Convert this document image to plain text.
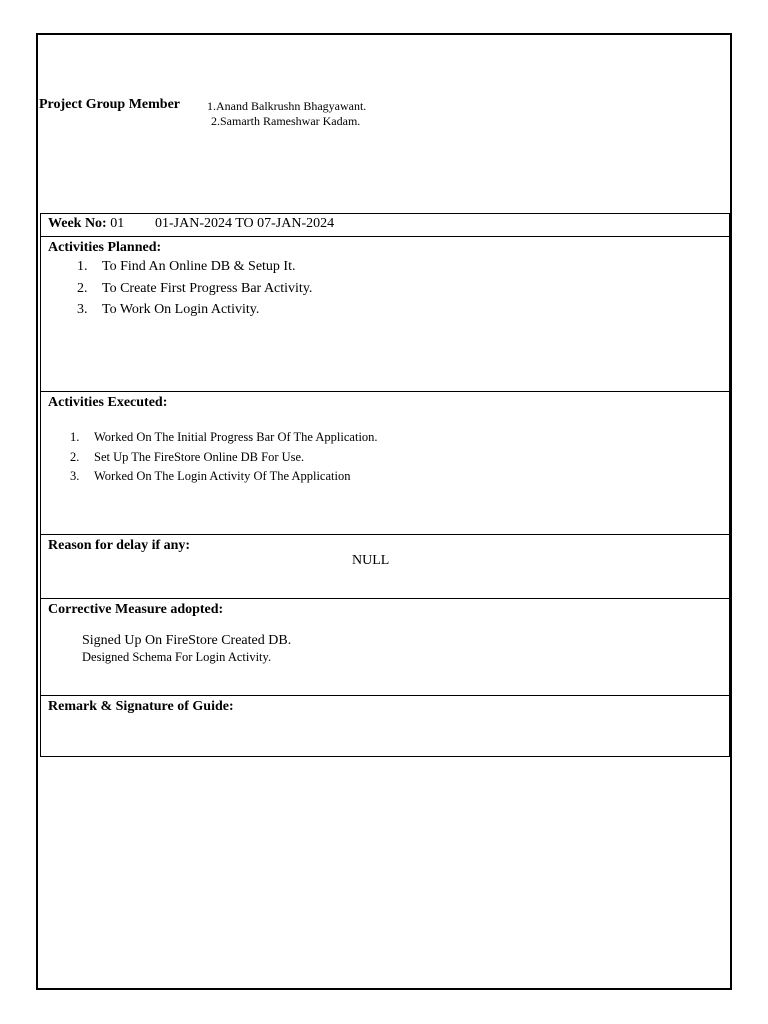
Project Group Member 1.Anand Balkrushn Bhagyawant.
2.Samarth Rameshwar Kadam.
Week No: 01 01-JAN-2024 TO 07-JAN-2024
Activities Planned:
1. To Find An Online DB & Setup It.
2. To Create First Progress Bar Activity.
3. To Work On Login Activity.
Activities Executed:
1. Worked On The Initial Progress Bar Of The Application.
2. Set Up The FireStore Online DB For Use.
3. Worked On The Login Activity Of The Application
Reason for delay if any:
NULL
Corrective Measure adopted:
Signed Up On FireStore Created DB.
Designed Schema For Login Activity.
Remark & Signature of Guide:
